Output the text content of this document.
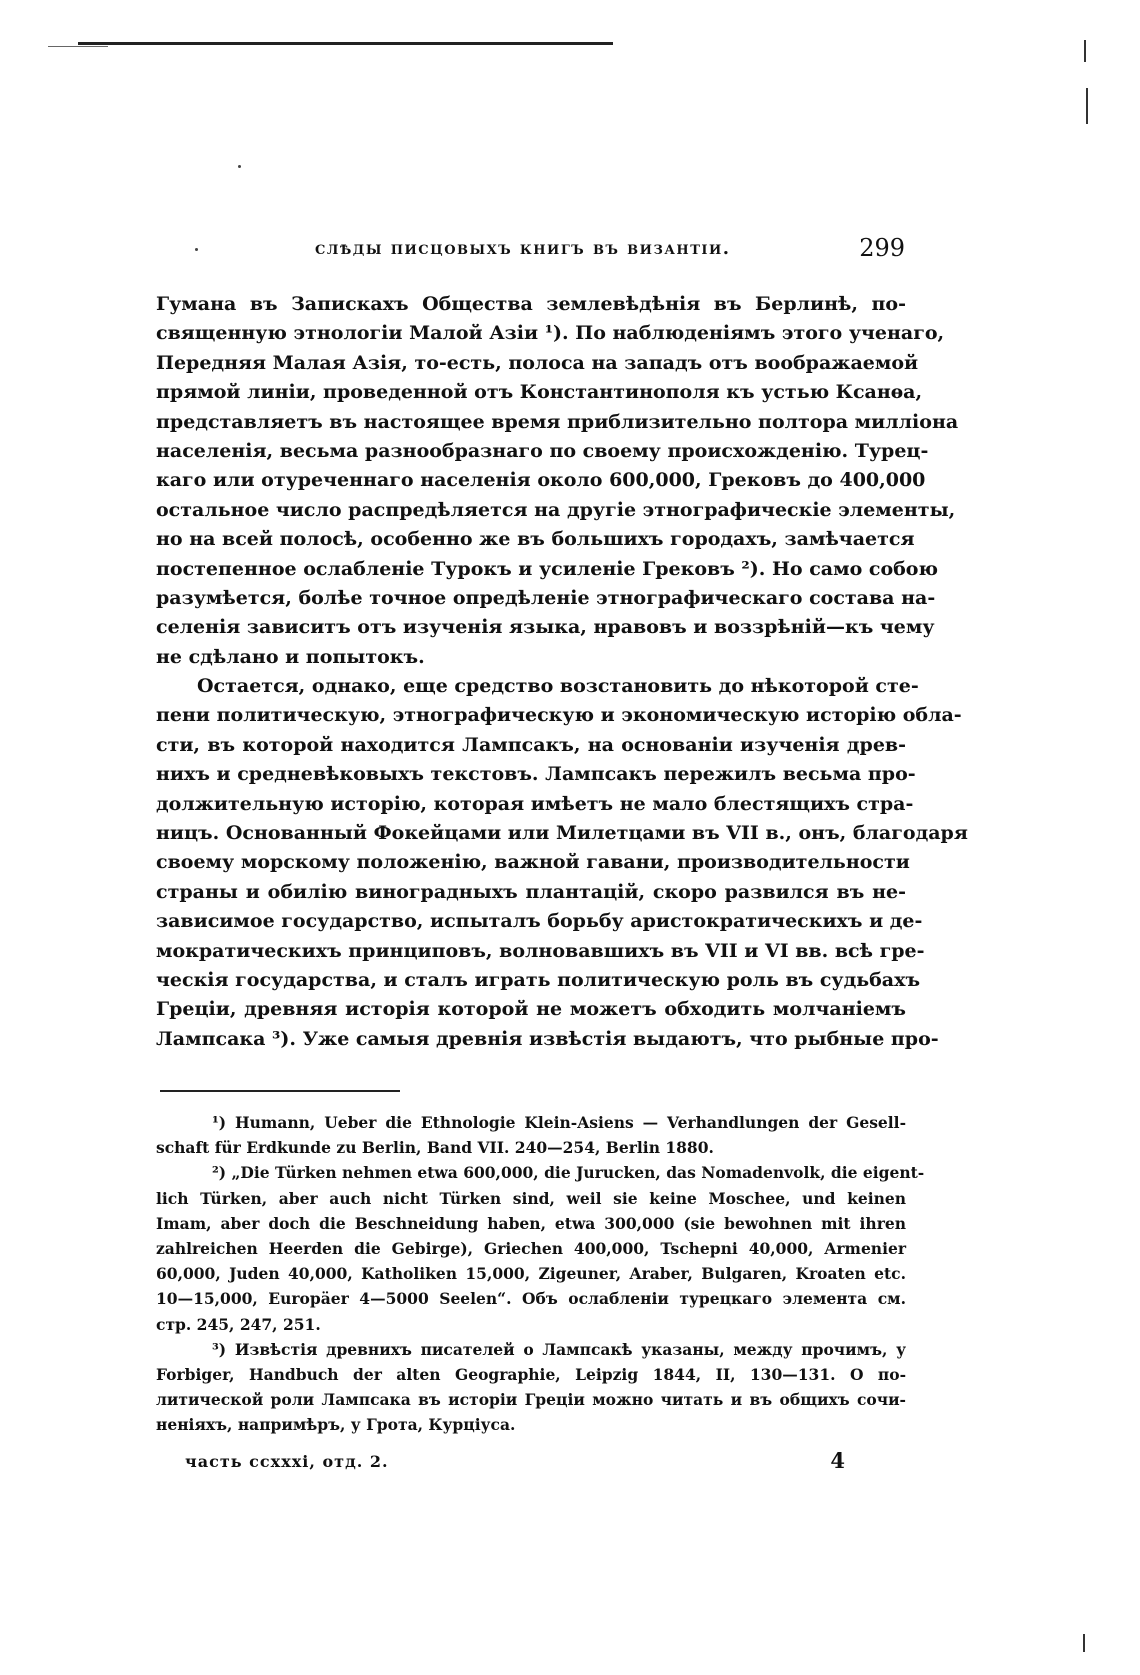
слѣды писцовыхъ книгъ въ византіи.	299
Гумана въ Запискахъ Общества землевѣдѣнія въ Берлинѣ, по-
священную этнологіи Малой Азіи ¹). По наблюденіямъ этого ученаго,
Передняя Малая Азія, то-есть, полоса на западъ отъ воображаемой
прямой линіи, проведенной отъ Константинополя къ устью Ксанѳа,
представляетъ въ настоящее время приблизительно полтора милліона
населенія, весьма разнообразнаго по своему происхожденію. Турец-
каго или отуреченнаго населенія около 600,000, Грековъ до 400,000
остальное число распредѣляется на другіе этнографическіе элементы,
но на всей полосѣ, особенно же въ большихъ городахъ, замѣчается
постепенное ослабленіе Турокъ и усиленіе Грековъ ²). Но само собою
разумѣется, болѣе точное опредѣленіе этнографическаго состава на-
селенія зависитъ отъ изученія языка, нравовъ и воззрѣній—къ чему
не сдѣлано и попытокъ.
Остается, однако, еще средство возстановить до нѣкоторой сте-
пени политическую, этнографическую и экономическую исторію обла-
сти, въ которой находится Лампсакъ, на основаніи изученія древ-
нихъ и средневѣковыхъ текстовъ. Лампсакъ пережилъ весьма про-
должительную исторію, которая имѣетъ не мало блестящихъ стра-
ницъ. Основанный Фокейцами или Милетцами въ VII в., онъ, благодаря
своему морскому положенію, важной гавани, производительности
страны и обилію виноградныхъ плантацій, скоро развился въ не-
зависимое государство, испыталъ борьбу аристократическихъ и де-
мократическихъ принциповъ, волновавшихъ въ VII и VI вв. всѣ гре-
ческія государства, и сталъ играть политическую роль въ судьбахъ
Греціи, древняя исторія которой не можетъ обходить молчаніемъ
Лампсака ³). Уже самыя древнія извѣстія выдаютъ, что рыбные про-
¹) Humann, Ueber die Ethnologie Klein-Asiens — Verhandlungen der Gesell-
schaft für Erdkunde zu Berlin, Band VII. 240—254, Berlin 1880.
²) „Die Türken nehmen etwa 600,000, die Jurucken, das Nomadenvolk, die eigent-
lich Türken, aber auch nicht Türken sind, weil sie keine Moschee, und keinen
Imam, aber doch die Beschneidung haben, etwa 300,000 (sie bewohnen mit ihren
zahlreichen Heerden die Gebirge), Griechen 400,000, Tschepni 40,000, Armenier
60,000, Juden 40,000, Katholiken 15,000, Zigeuner, Araber, Bulgaren, Kroaten etc.
10—15,000, Europäer 4—5000 Seelen“. Объ ослабленіи турецкаго элемента см.
стр. 245, 247, 251.
³) Извѣстія древнихъ писателей о Лампсакѣ указаны, между прочимъ, у
Forbiger, Handbuch der alten Geographie, Leipzig 1844, II, 130—131. О по-
литической роли Лампсака въ исторіи Греціи можно читать и въ общихъ сочи-
неніяхъ, напримѣръ, у Грота, Курціуса.
часть ccxxxi, отд. 2.	4
